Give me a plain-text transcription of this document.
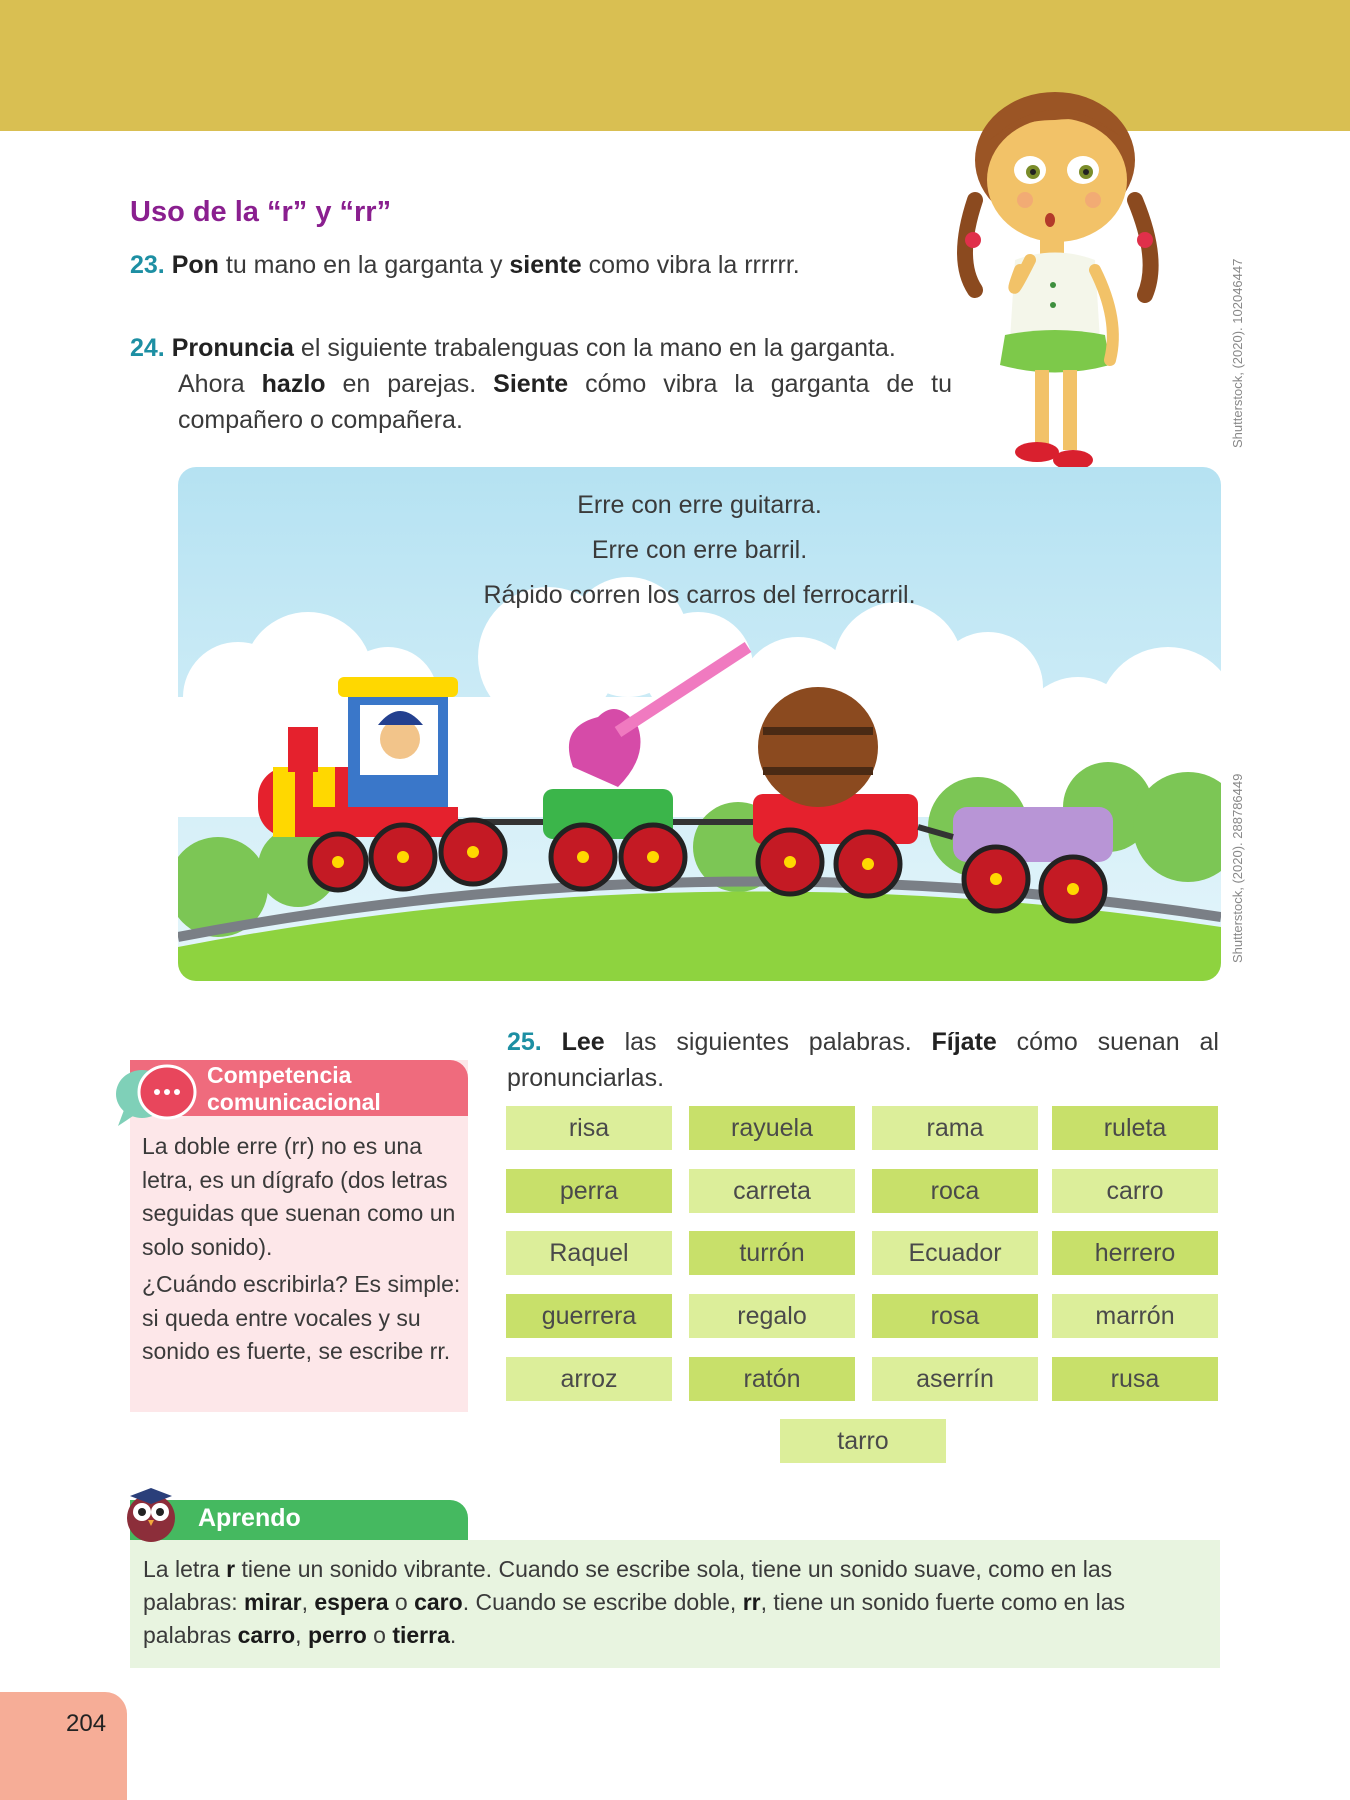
Shutterstock, (2020). 102046447
Uso de la “r” y “rr”
23. Pon tu mano en la garganta y siente como vibra la rrrrrr.
24. Pronuncia el siguiente trabalenguas con la mano en la garganta.
Ahora hazlo en parejas. Siente cómo vibra la garganta de tu compañero o compañera.
Erre con erre guitarra.
Erre con erre barril.
Rápido corren los carros del ferrocarril.
Shutterstock, (2020). 288786449
Competencia
comunicacional

La doble erre (rr) no es una letra, es un dígrafo (dos letras seguidas que suenan como un solo sonido).

¿Cuándo escribirla? Es simple: si queda entre vocales y su sonido es fuerte, se escribe rr.

25. Lee las siguientes palabras. Fíjate cómo suenan al pronunciarlas.
risa	rayuela	rama	ruleta
perra	carreta	roca	carro
Raquel	turrón	Ecuador	herrero
guerrera	regalo	rosa	marrón
arroz	ratón	aserrín	rusa
tarro
Aprendo
La letra r tiene un sonido vibrante. Cuando se escribe sola, tiene un sonido suave, como en las palabras: mirar, espera o caro. Cuando se escribe doble, rr, tiene un sonido fuerte como en las palabras carro, perro o tierra.
204
